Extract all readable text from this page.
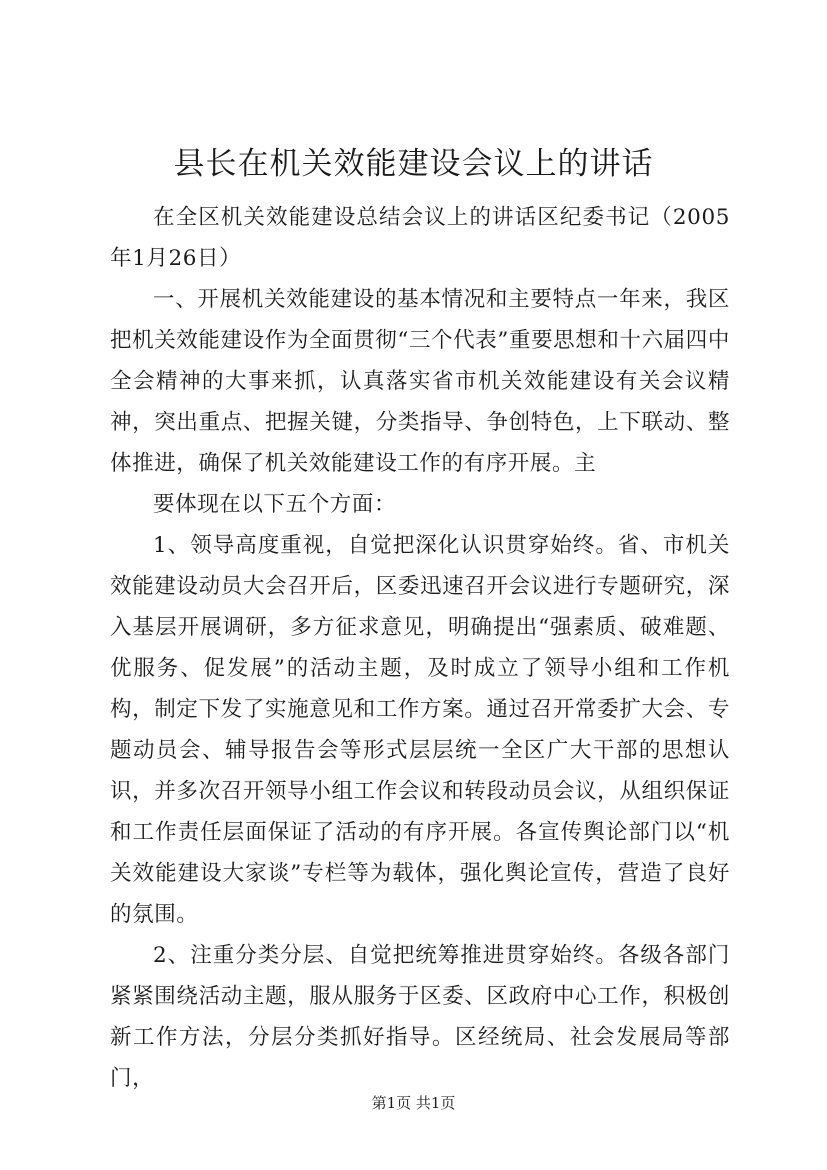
县长在机关效能建设会议上的讲话

在全区机关效能建设总结会议上的讲话区纪委书记（2005年1月26日）

一、开展机关效能建设的基本情况和主要特点一年来，我区把机关效能建设作为全面贯彻“三个代表”重要思想和十六届四中全会精神的大事来抓，认真落实省市机关效能建设有关会议精神，突出重点、把握关键，分类指导、争创特色，上下联动、整体推进，确保了机关效能建设工作的有序开展。主

要体现在以下五个方面：

1、领导高度重视，自觉把深化认识贯穿始终。省、市机关效能建设动员大会召开后，区委迅速召开会议进行专题研究，深入基层开展调研，多方征求意见，明确提出“强素质、破难题、优服务、促发展”的活动主题，及时成立了领导小组和工作机构，制定下发了实施意见和工作方案。通过召开常委扩大会、专题动员会、辅导报告会等形式层层统一全区广大干部的思想认识，并多次召开领导小组工作会议和转段动员会议，从组织保证和工作责任层面保证了活动的有序开展。各宣传舆论部门以“机关效能建设大家谈”专栏等为载体，强化舆论宣传，营造了良好的氛围。

2、注重分类分层、自觉把统筹推进贯穿始终。各级各部门紧紧围绕活动主题，服从服务于区委、区政府中心工作，积极创新工作方法，分层分类抓好指导。区经统局、社会发展局等部门，

第1页 共1页
